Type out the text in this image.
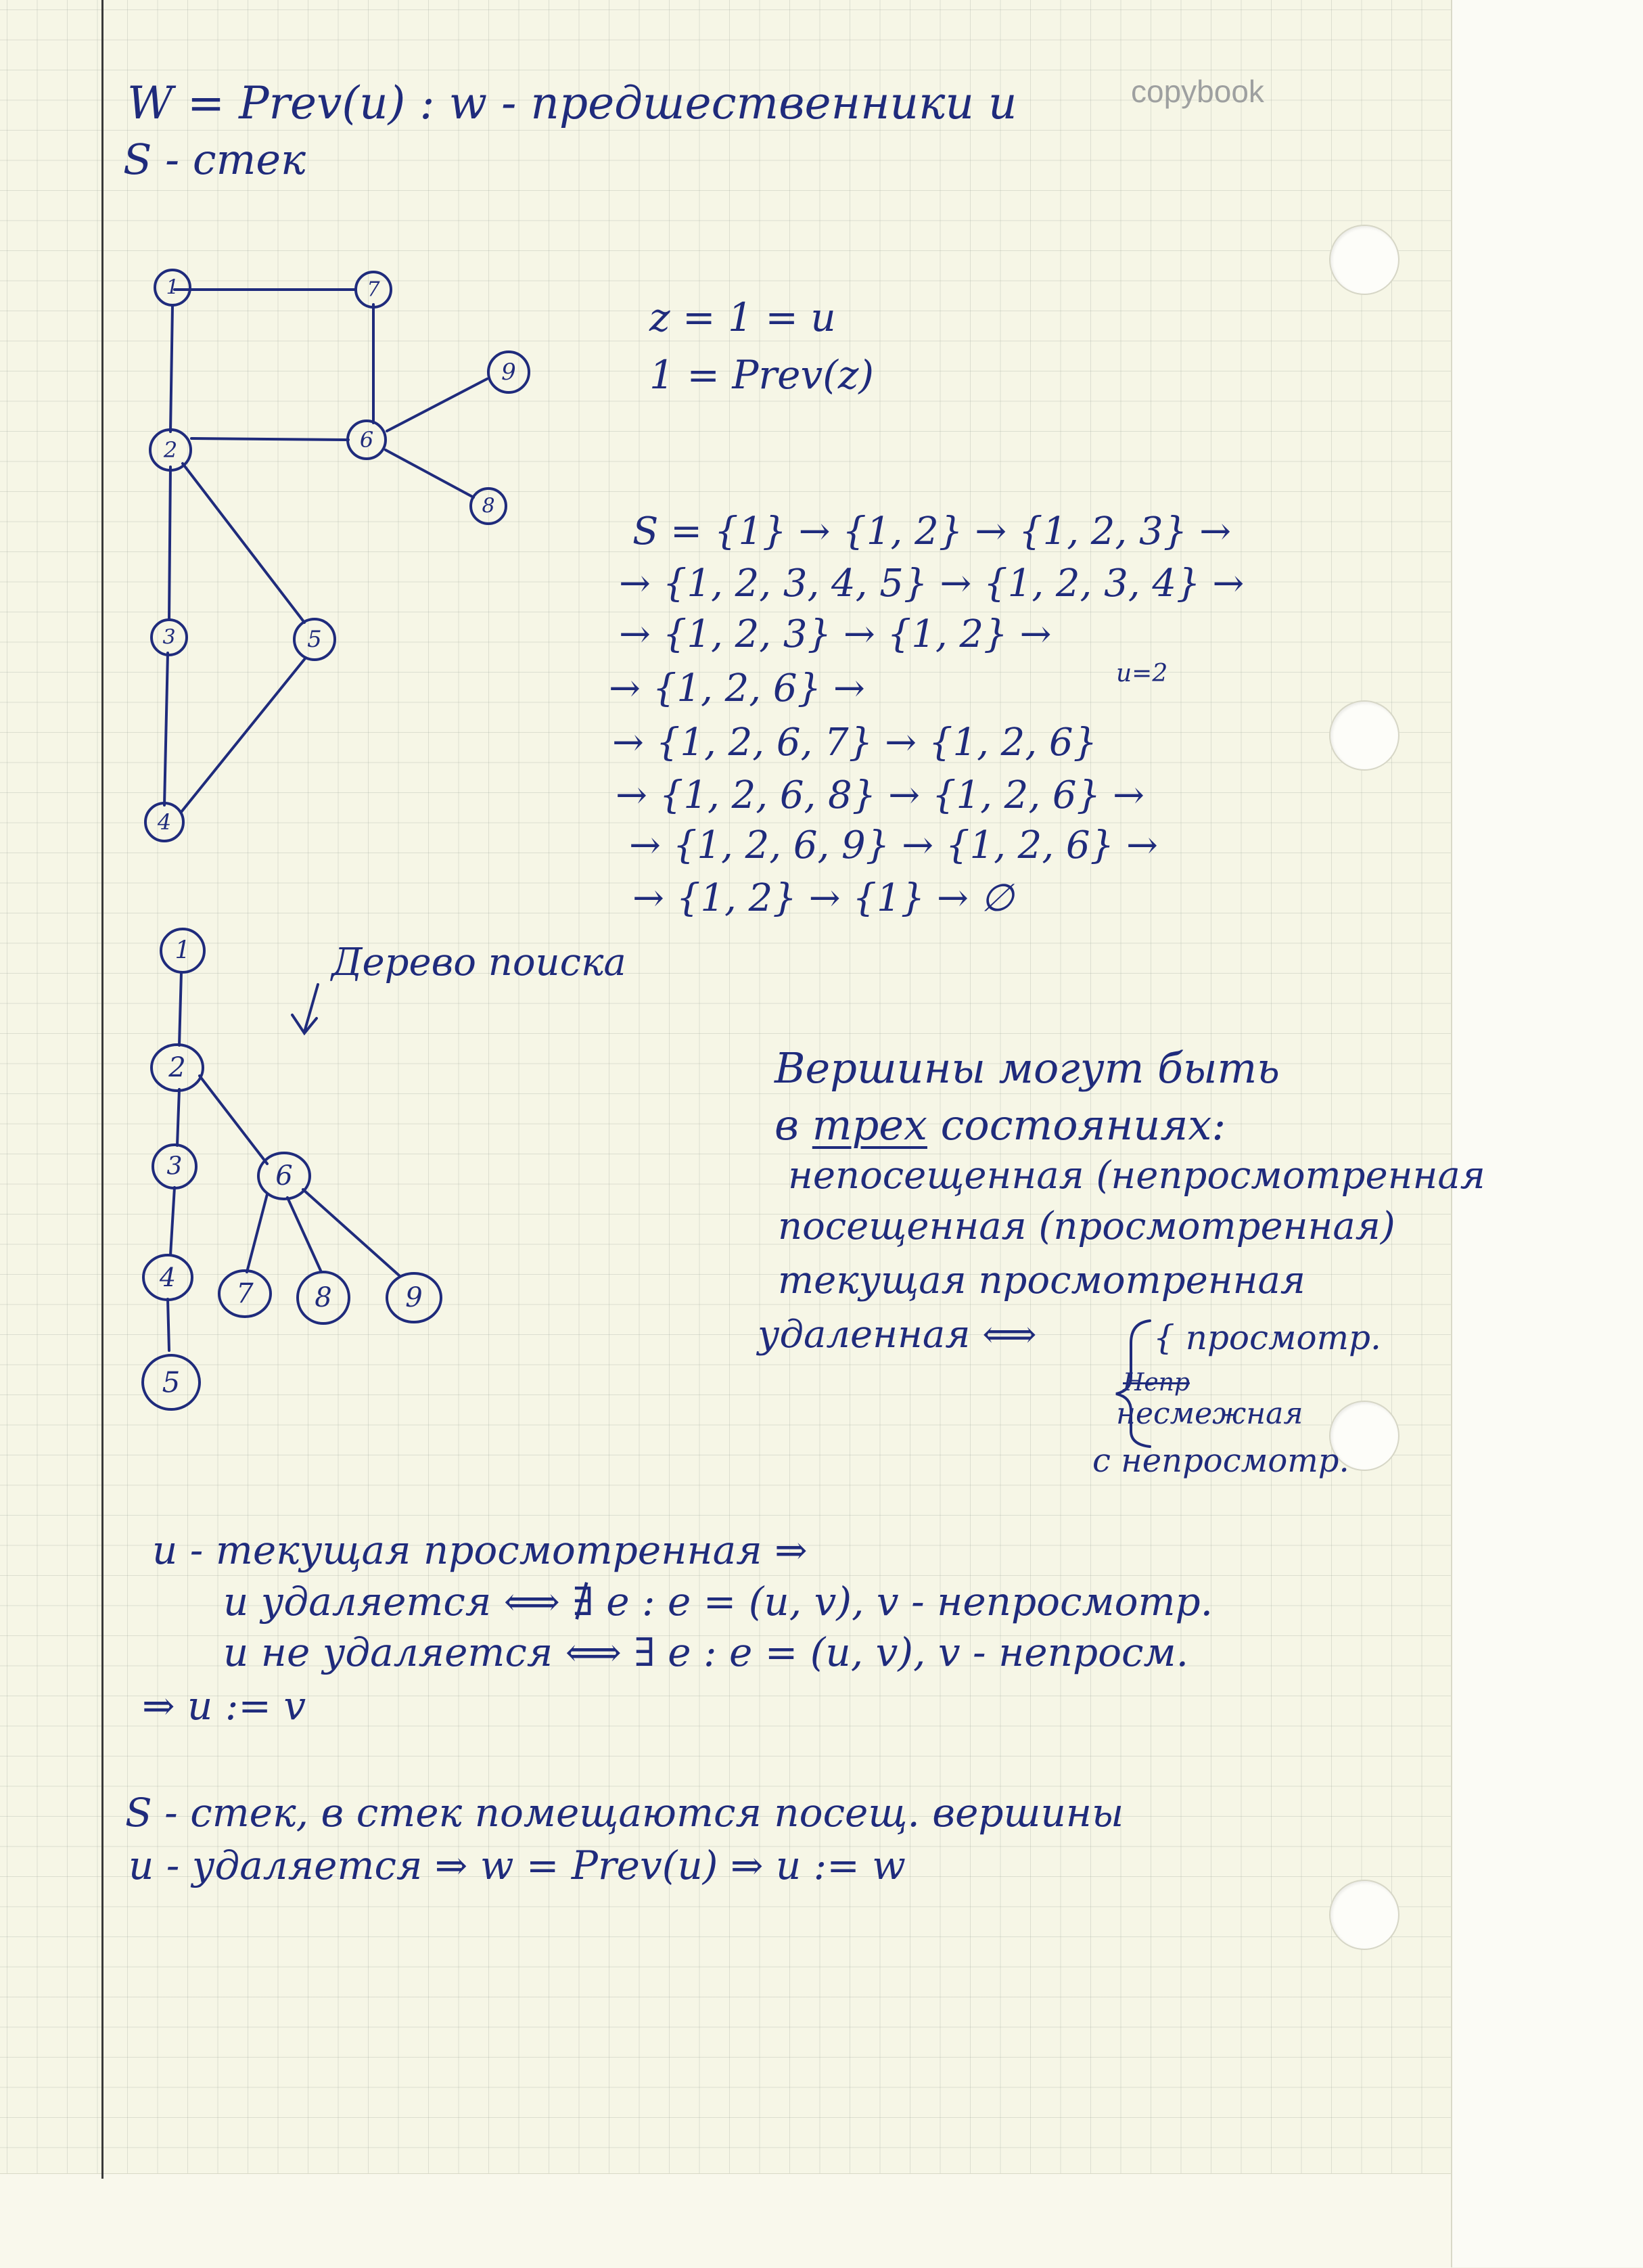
copybook
W = Prev(u) : w - предшественники u
S - стек
1	7
9
2	6
8
3	5
4
1
2
3	6
4
7 8	9
5
z = 1 = u
1 = Prev(z)
S = {1} → {1, 2} → {1, 2, 3} →
→ {1, 2, 3, 4, 5} → {1, 2, 3, 4} →
→ {1, 2, 3} → {1, 2} →
u=2
→ {1, 2, 6} →
→ {1, 2, 6, 7} → {1, 2, 6}
→ {1, 2, 6, 8} → {1, 2, 6} →
→ {1, 2, 6, 9} → {1, 2, 6} →
→ {1, 2} → {1} → ∅
Дерево поиска
Вершины могут быть
в трех состояниях:
непосещенная (непросмотренная
посещенная (просмотренная)
текущая просмотренная
удаленная ⟺	{ просмотр.
Непр
несмежная
с непросмотр.
u - текущая просмотренная ⇒
u удаляется ⟺ ∄ e : e = (u, v), v - непросмотр.
u не удаляется ⟺ ∃ e : e = (u, v), v - непросм.
⇒ u := v
S - стек, в стек помещаются посещ. вершины
u - удаляется ⇒ w = Prev(u) ⇒ u := w
